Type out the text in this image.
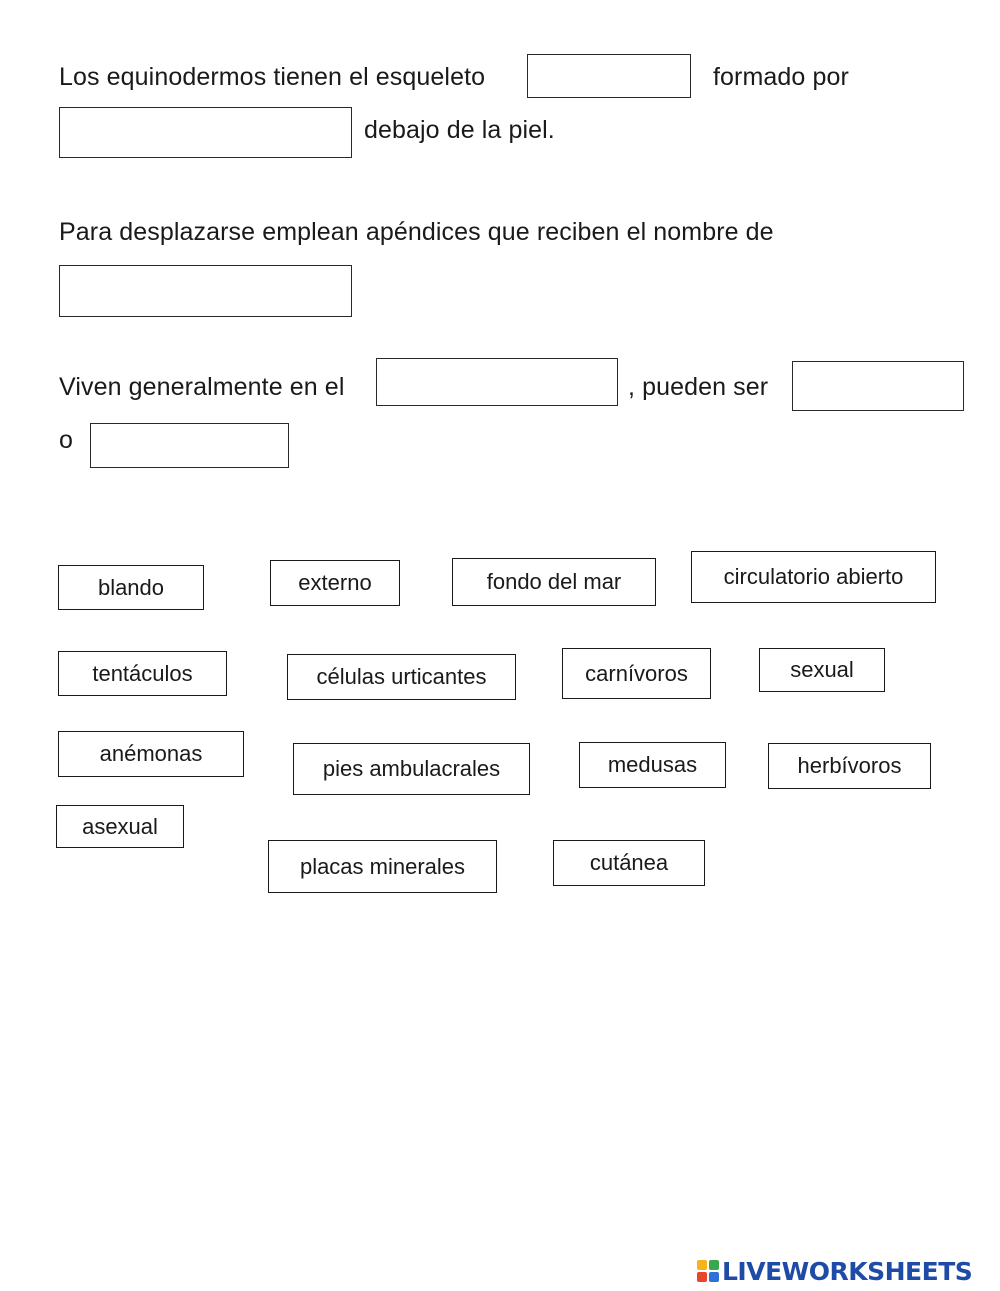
Los equinodermos tienen el esqueleto	formado por
debajo de la piel.
Para desplazarse emplean apéndices que reciben el nombre de
Viven generalmente en el	, pueden ser
o
blando	externo	fondo del mar	circulatorio abierto
tentáculos	células urticantes	carnívoros	sexual
anémonas
pies ambulacrales	medusas	herbívoros
asexual
placas minerales	cutánea
LIVEWORKSHEETS
